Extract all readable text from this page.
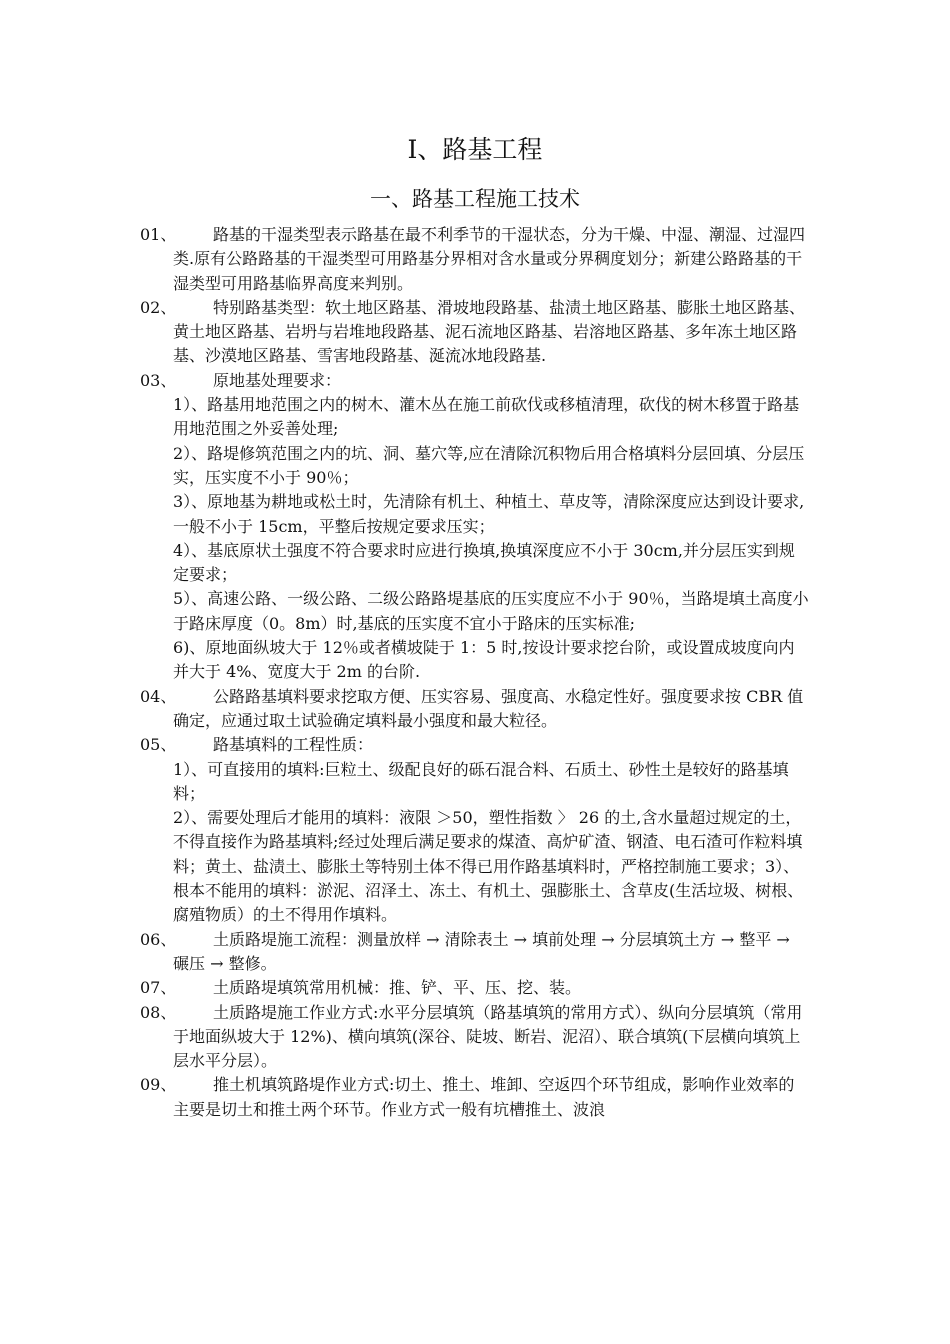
I、路基工程
一、路基工程施工技术
01、	路基的干湿类型表示路基在最不利季节的干湿状态，分为干燥、中湿、潮湿、过湿四类.原有公路路基的干湿类型可用路基分界相对含水量或分界稠度划分；新建公路路基的干湿类型可用路基临界高度来判别。
02、	特别路基类型：软土地区路基、滑坡地段路基、盐渍土地区路基、膨胀土地区路基、黄土地区路基、岩坍与岩堆地段路基、泥石流地区路基、岩溶地区路基、多年冻土地区路基、沙漠地区路基、雪害地段路基、涎流冰地段路基.
03、	原地基处理要求：
1）、路基用地范围之内的树木、灌木丛在施工前砍伐或移植清理，砍伐的树木移置于路基用地范围之外妥善处理;
2）、路堤修筑范围之内的坑、洞、墓穴等,应在清除沉积物后用合格填料分层回填、分层压实，压实度不小于 90％；
3）、原地基为耕地或松土时，先清除有机土、种植土、草皮等，清除深度应达到设计要求,一般不小于 15cm，平整后按规定要求压实；
4）、基底原状土强度不符合要求时应进行换填,换填深度应不小于 30cm,并分层压实到规定要求；
5）、高速公路、一级公路、二级公路路堤基底的压实度应不小于 90％，当路堤填土高度小于路床厚度（0。8m）时,基底的压实度不宜小于路床的压实标准;
6)、原地面纵坡大于 12％或者横坡陡于 1：5 时,按设计要求挖台阶，或设置成坡度向内并大于 4%、宽度大于 2m 的台阶.
04、	公路路基填料要求挖取方便、压实容易、强度高、水稳定性好。强度要求按 CBR 值确定，应通过取土试验确定填料最小强度和最大粒径。
05、	路基填料的工程性质：
1）、可直接用的填料:巨粒土、级配良好的砾石混合料、石质土、砂性土是较好的路基填料；
2）、需要处理后才能用的填料：液限 ＞50，塑性指数 〉 26 的土,含水量超过规定的土，不得直接作为路基填料;经过处理后满足要求的煤渣、高炉矿渣、钢渣、电石渣可作粒料填料；黄土、盐渍土、膨胀土等特别土体不得已用作路基填料时，严格控制施工要求；3）、根本不能用的填料：淤泥、沼泽土、冻土、有机土、强膨胀土、含草皮(生活垃圾、树根、腐殖物质）的土不得用作填料。
06、	土质路堤施工流程：测量放样 → 清除表土 → 填前处理 → 分层填筑土方 → 整平 → 碾压 → 整修。
07、	土质路堤填筑常用机械：推、铲、平、压、挖、装。
08、	土质路堤施工作业方式:水平分层填筑（路基填筑的常用方式）、纵向分层填筑（常用于地面纵坡大于 12%)、横向填筑(深谷、陡坡、断岩、泥沼）、联合填筑(下层横向填筑上层水平分层）。
09、	推土机填筑路堤作业方式:切土、推土、堆卸、空返四个环节组成，影响作业效率的主要是切土和推土两个环节。作业方式一般有坑槽推土、波浪
